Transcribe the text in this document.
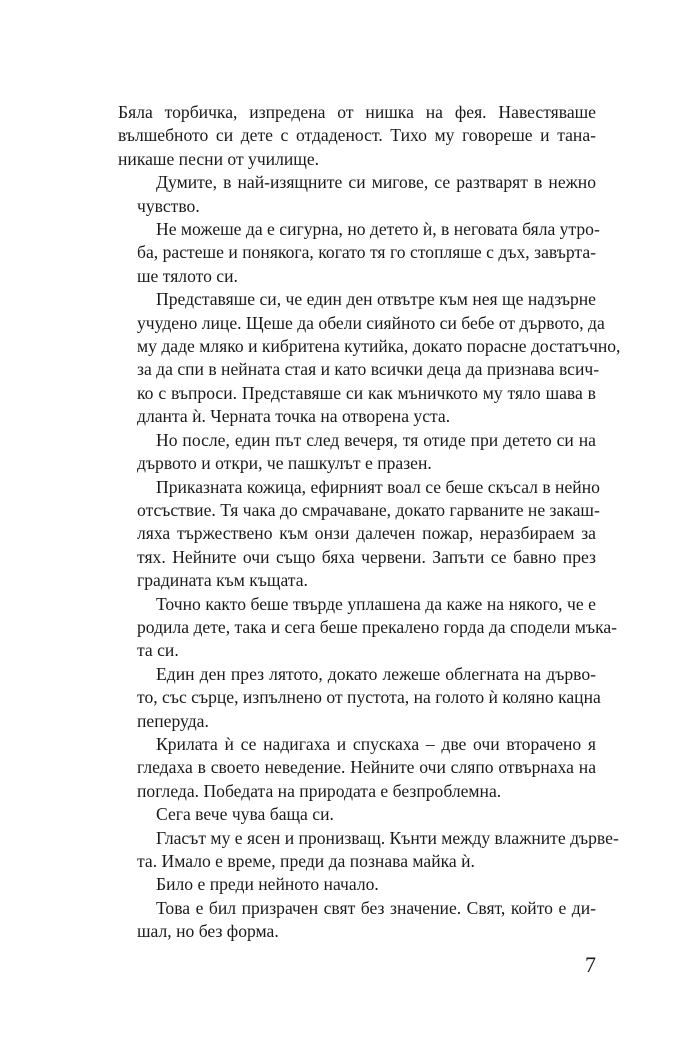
Бяла торбичка, изпредена от нишка на фея. Навестяваше
вълшебното си дете с отдаденост. Тихо му говореше и тана-
никаше песни от училище.
Думите, в най-изящните си мигове, се разтварят в нежно
чувство.
Не можеше да е сигурна, но детето ѝ, в неговата бяла утро-
ба, растеше и понякога, когато тя го стопляше с дъх, завърта-
ше тялото си.
Представяше си, че един ден отвътре към нея ще надзърне
учудено лице. Щеше да обели сияйното си бебе от дървото, да
му даде мляко и кибритена кутийка, докато порасне достатъчно,
за да спи в нейната стая и като всички деца да признава всич-
ко с въпроси. Представяше си как мъничкото му тяло шава в
дланта ѝ. Черната точка на отворена уста.
Но после, един път след вечеря, тя отиде при детето си на
дървото и откри, че пашкулът е празен.
Приказната кожица, ефирният воал се беше скъсал в нейно
отсъствие. Тя чака до смрачаване, докато гарваните не закаш-
ляха тържествено към онзи далечен пожар, неразбираем за
тях. Нейните очи също бяха червени. Запъти се бавно през
градината към къщата.
Точно както беше твърде уплашена да каже на някого, че е
родила дете, така и сега беше прекалено горда да сподели мъка-
та си.
Един ден през лятото, докато лежеше облегната на дърво-
то, със сърце, изпълнено от пустота, на голото ѝ коляно кацна
пеперуда.
Крилата ѝ се надигаха и спускаха – две очи вторачено я
гледаха в своето неведение. Нейните очи сляпо отвърнаха на
погледа. Победата на природата е безпроблемна.
Сега вече чува баща си.
Гласът му е ясен и пронизващ. Кънти между влажните дърве-
та. Имало е време, преди да познава майка ѝ.
Било е преди нейното начало.
Това е бил призрачен свят без значение. Свят, който е ди-
шал, но без форма.
7
